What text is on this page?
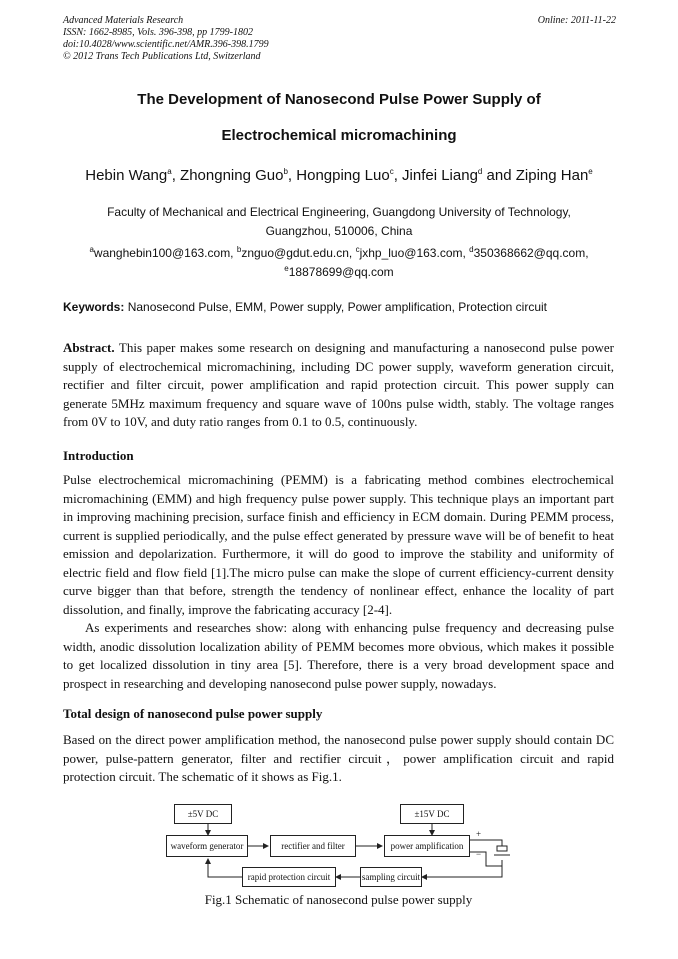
Advanced Materials Research
ISSN: 1662-8985, Vols. 396-398, pp 1799-1802
doi:10.4028/www.scientific.net/AMR.396-398.1799
© 2012 Trans Tech Publications Ltd, Switzerland
Online: 2011-11-22
The Development of Nanosecond Pulse Power Supply of
Electrochemical micromachining
Hebin Wang$^a$, Zhongning Guo$^b$, Hongping Luo$^c$, Jinfei Liang$^d$ and Ziping Han$^e$
Faculty of Mechanical and Electrical Engineering, Guangdong University of Technology,
Guangzhou, 510006, China
$^a$wanghebin100@163.com, $^b$znguo@gdut.edu.cn, $^c$jxhp_luo@163.com, $^d$350368662@qq.com,
$^e$18878699@qq.com
Keywords: Nanosecond Pulse, EMM, Power supply, Power amplification, Protection circuit
Abstract. This paper makes some research on designing and manufacturing a nanosecond pulse power supply of electrochemical micromachining, including DC power supply, waveform generation circuit, rectifier and filter circuit, power amplification and rapid protection circuit. This power supply can generate 5MHz maximum frequency and square wave of 100ns pulse width, stably. The voltage ranges from 0V to 10V, and duty ratio ranges from 0.1 to 0.5, continuously.
Introduction
Pulse electrochemical micromachining (PEMM) is a fabricating method combines electrochemical micromachining (EMM) and high frequency pulse power supply. This technique plays an important part in improving machining precision, surface finish and efficiency in ECM domain. During PEMM process, current is supplied periodically, and the pulse effect generated by pressure wave will be of benefit to heat emission and depolarization. Furthermore, it will do good to improve the stability and uniformity of electric field and flow field [1].The micro pulse can make the slope of current efficiency-current density curve bigger than that before, strength the tendency of nonlinear effect, enhance the locality of part dissolution, and finally, improve the fabricating accuracy [2-4].
As experiments and researches show: along with enhancing pulse frequency and decreasing pulse width, anodic dissolution localization ability of PEMM becomes more obvious, which makes it possible to get localized dissolution in tiny area [5]. Therefore, there is a very broad development space and prospect in researching and developing nanosecond pulse power supply, nowadays.
Total design of nanosecond pulse power supply
Based on the direct power amplification method, the nanosecond pulse power supply should contain DC power, pulse-pattern generator, filter and rectifier circuit，power amplification circuit and rapid protection circuit. The schematic of it shows as Fig.1.
±5V DC	±15V DC
waveform generator	rectifier and filter	power amplification
rapid protection circuit	sampling circuit
+
−
Fig.1 Schematic of nanosecond pulse power supply
